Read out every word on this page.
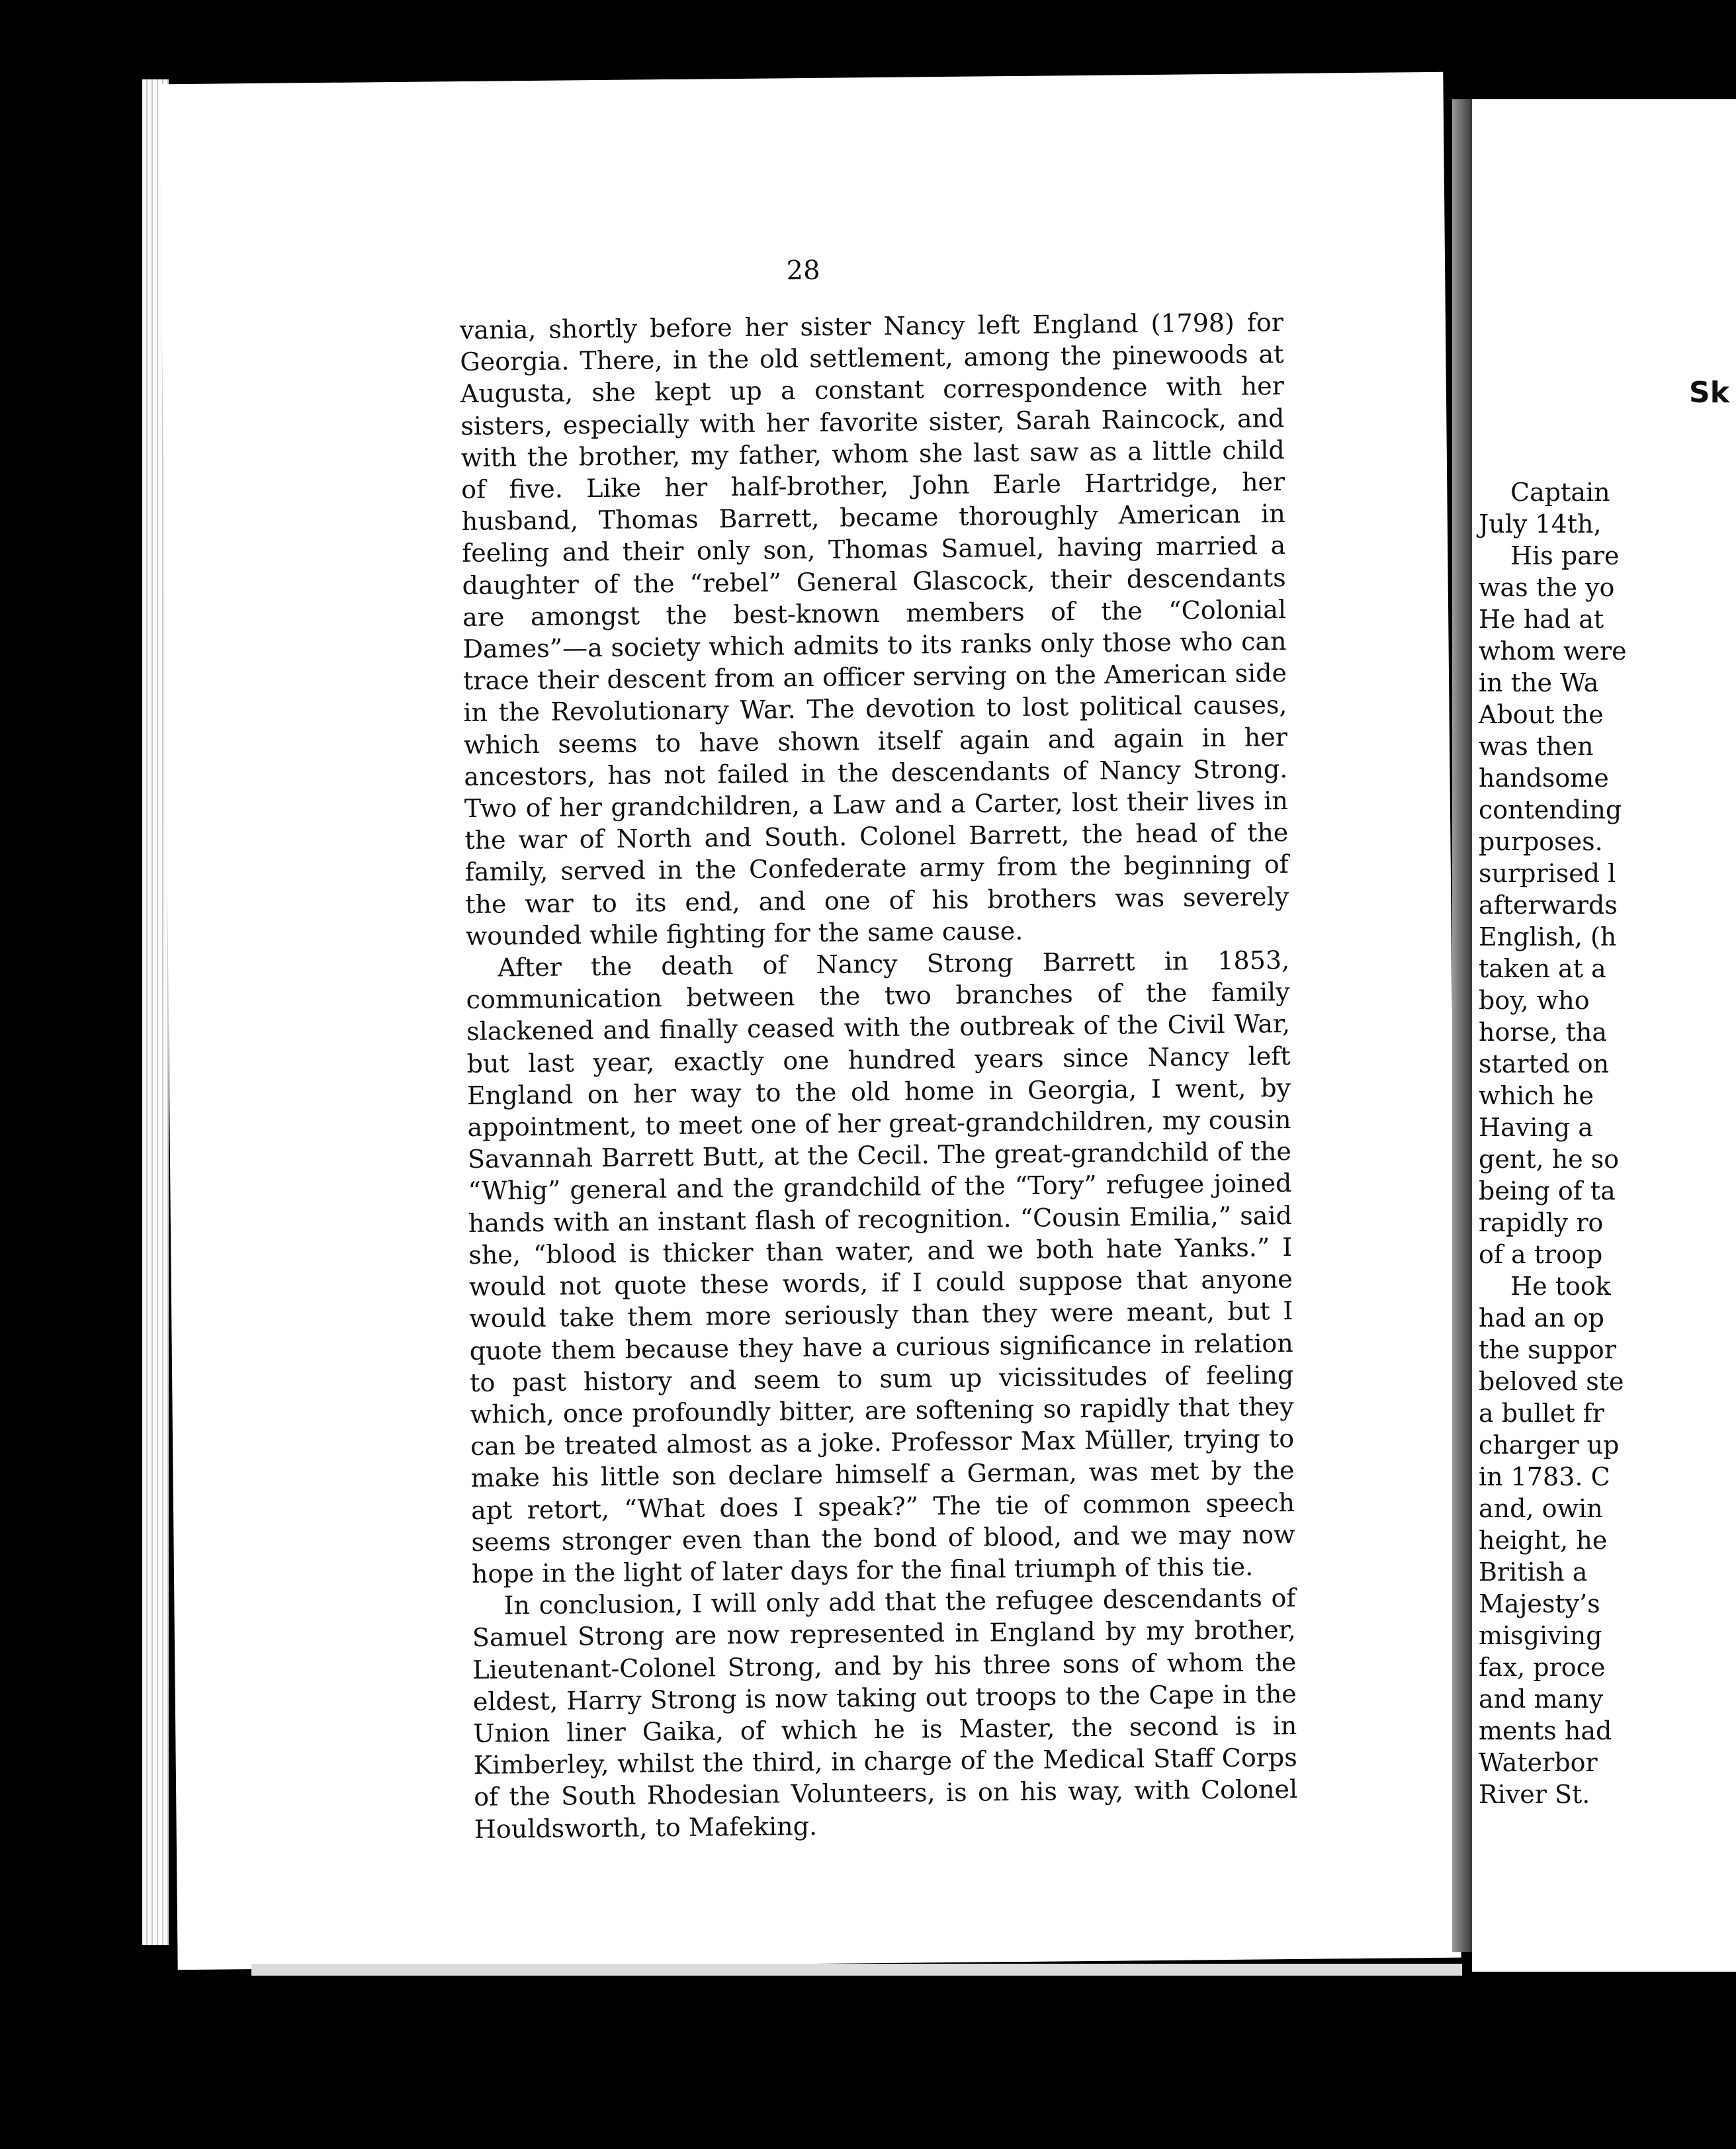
28

vania, shortly before her sister Nancy left England (1798) for Georgia. There, in the old settlement, among the pinewoods at Augusta, she kept up a constant correspondence with her sisters, especially with her favorite sister, Sarah Raincock, and with the brother, my father, whom she last saw as a little child of five. Like her half-brother, John Earle Hartridge, her husband, Thomas Barrett, became thoroughly American in feeling and their only son, Thomas Samuel, having married a daughter of the “rebel” General Glascock, their descendants are amongst the best-known members of the “Colonial Dames”—a society which admits to its ranks only those who can trace their descent from an officer serving on the American side in the Revolutionary War. The devotion to lost political causes, which seems to have shown itself again and again in her ancestors, has not failed in the descendants of Nancy Strong. Two of her grandchildren, a Law and a Carter, lost their lives in the war of North and South. Colonel Barrett, the head of the family, served in the Confederate army from the beginning of the war to its end, and one of his brothers was severely wounded while fighting for the same cause.

After the death of Nancy Strong Barrett in 1853, communication between the two branches of the family slackened and finally ceased with the outbreak of the Civil War, but last year, exactly one hundred years since Nancy left England on her way to the old home in Georgia, I went, by appointment, to meet one of her great-grandchildren, my cousin Savannah Barrett Butt, at the Cecil. The great-grandchild of the “Whig” general and the grandchild of the “Tory” refugee joined hands with an instant flash of recognition. “Cousin Emilia,” said she, “blood is thicker than water, and we both hate Yanks.” I would not quote these words, if I could suppose that anyone would take them more seriously than they were meant, but I quote them because they have a curious significance in relation to past history and seem to sum up vicissitudes of feeling which, once profoundly bitter, are softening so rapidly that they can be treated almost as a joke. Professor Max Müller, trying to make his little son declare himself a German, was met by the apt retort, “What does I speak?” The tie of common speech seems stronger even than the bond of blood, and we may now hope in the light of later days for the final triumph of this tie.

In conclusion, I will only add that the refugee descendants of Samuel Strong are now represented in England by my brother, Lieutenant-Colonel Strong, and by his three sons of whom the eldest, Harry Strong is now taking out troops to the Cape in the Union liner Gaika, of which he is Master, the second is in Kimberley, whilst the third, in charge of the Medical Staff Corps of the South Rhodesian Volunteers, is on his way, with Colonel Houldsworth, to Mafeking.

Sk
Captain
July 14th,
His pare
was the yo
He had at
whom were
in the Wa
About the
was then
handsome
contending
purposes.
surprised l
afterwards
English, (h
taken at a
boy, who
horse, tha
started on
which he
Having a
gent, he so
being of ta
rapidly ro
of a troop
He took
had an op
the suppor
beloved ste
a bullet fr
charger up
in 1783. C
and, owin
height, he
British a
Majesty’s
misgiving
fax, proce
and many
ments had
Waterbor
River St.
